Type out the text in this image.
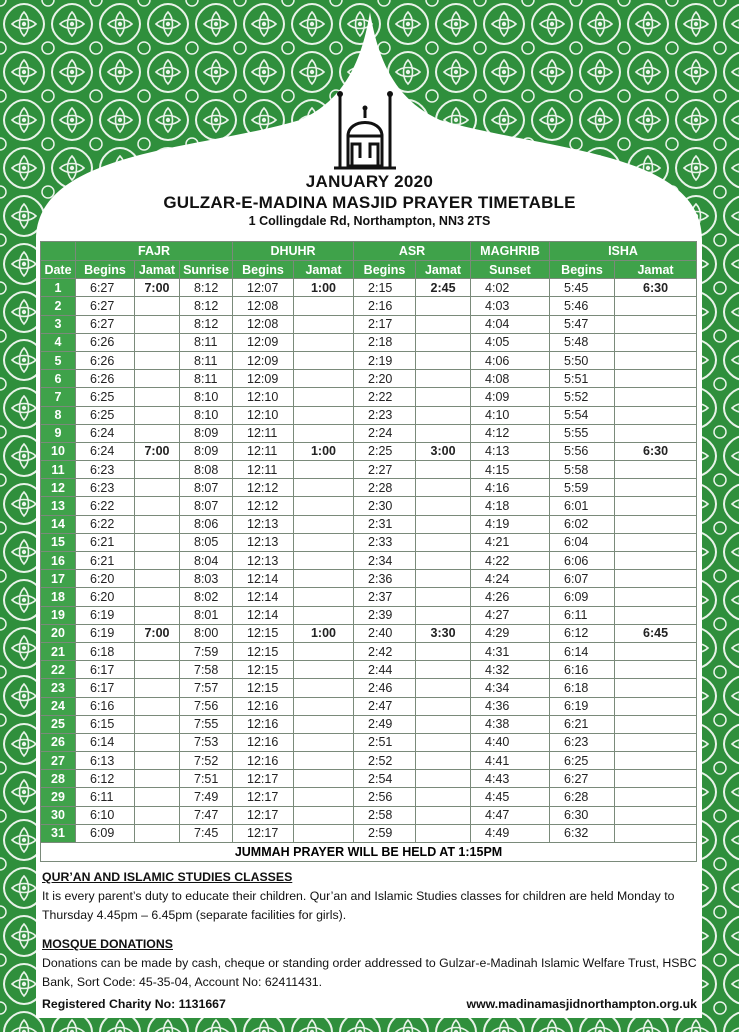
JANUARY 2020
GULZAR-E-MADINA MASJID PRAYER TIMETABLE
1 Collingdale Rd, Northampton, NN3 2TS
	FAJR			DHUHR		ASR		MAGHRIB	ISHA	
Date	Begins	Jamat	Sunrise	Begins	Jamat	Begins	Jamat	Sunset	Begins	Jamat
1	6:27	7:00	8:12	12:07	1:00	2:15	2:45	4:02	5:45	6:30
2	6:27		8:12	12:08		2:16		4:03	5:46	
3	6:27		8:12	12:08		2:17		4:04	5:47	
4	6:26		8:11	12:09		2:18		4:05	5:48	
5	6:26		8:11	12:09		2:19		4:06	5:50	
6	6:26		8:11	12:09		2:20		4:08	5:51	
7	6:25		8:10	12:10		2:22		4:09	5:52	
8	6:25		8:10	12:10		2:23		4:10	5:54	
9	6:24		8:09	12:11		2:24		4:12	5:55	
10	6:24	7:00	8:09	12:11	1:00	2:25	3:00	4:13	5:56	6:30
11	6:23		8:08	12:11		2:27		4:15	5:58	
12	6:23		8:07	12:12		2:28		4:16	5:59	
13	6:22		8:07	12:12		2:30		4:18	6:01	
14	6:22		8:06	12:13		2:31		4:19	6:02	
15	6:21		8:05	12:13		2:33		4:21	6:04	
16	6:21		8:04	12:13		2:34		4:22	6:06	
17	6:20		8:03	12:14		2:36		4:24	6:07	
18	6:20		8:02	12:14		2:37		4:26	6:09	
19	6:19		8:01	12:14		2:39		4:27	6:11	
20	6:19	7:00	8:00	12:15	1:00	2:40	3:30	4:29	6:12	6:45
21	6:18		7:59	12:15		2:42		4:31	6:14	
22	6:17		7:58	12:15		2:44		4:32	6:16	
23	6:17		7:57	12:15		2:46		4:34	6:18	
24	6:16		7:56	12:16		2:47		4:36	6:19	
25	6:15		7:55	12:16		2:49		4:38	6:21	
26	6:14		7:53	12:16		2:51		4:40	6:23	
27	6:13		7:52	12:16		2:52		4:41	6:25	
28	6:12		7:51	12:17		2:54		4:43	6:27	
29	6:11		7:49	12:17		2:56		4:45	6:28	
30	6:10		7:47	12:17		2:58		4:47	6:30	
31	6:09		7:45	12:17		2:59		4:49	6:32	
JUMMAH PRAYER WILL BE HELD AT 1:15PM										

QUR’AN AND ISLAMIC STUDIES CLASSES

It is every parent’s duty to educate their children. Qur’an and Islamic Studies classes for children are held Monday to Thursday 4.45pm – 6.45pm (separate facilities for girls).

MOSQUE DONATIONS

Donations can be made by cash, cheque or standing order addressed to Gulzar-e-Madinah Islamic Welfare Trust, HSBC Bank, Sort Code: 45-35-04, Account No: 62411431.

Registered Charity No: 1131667	www.madinamasjidnorthampton.org.uk
